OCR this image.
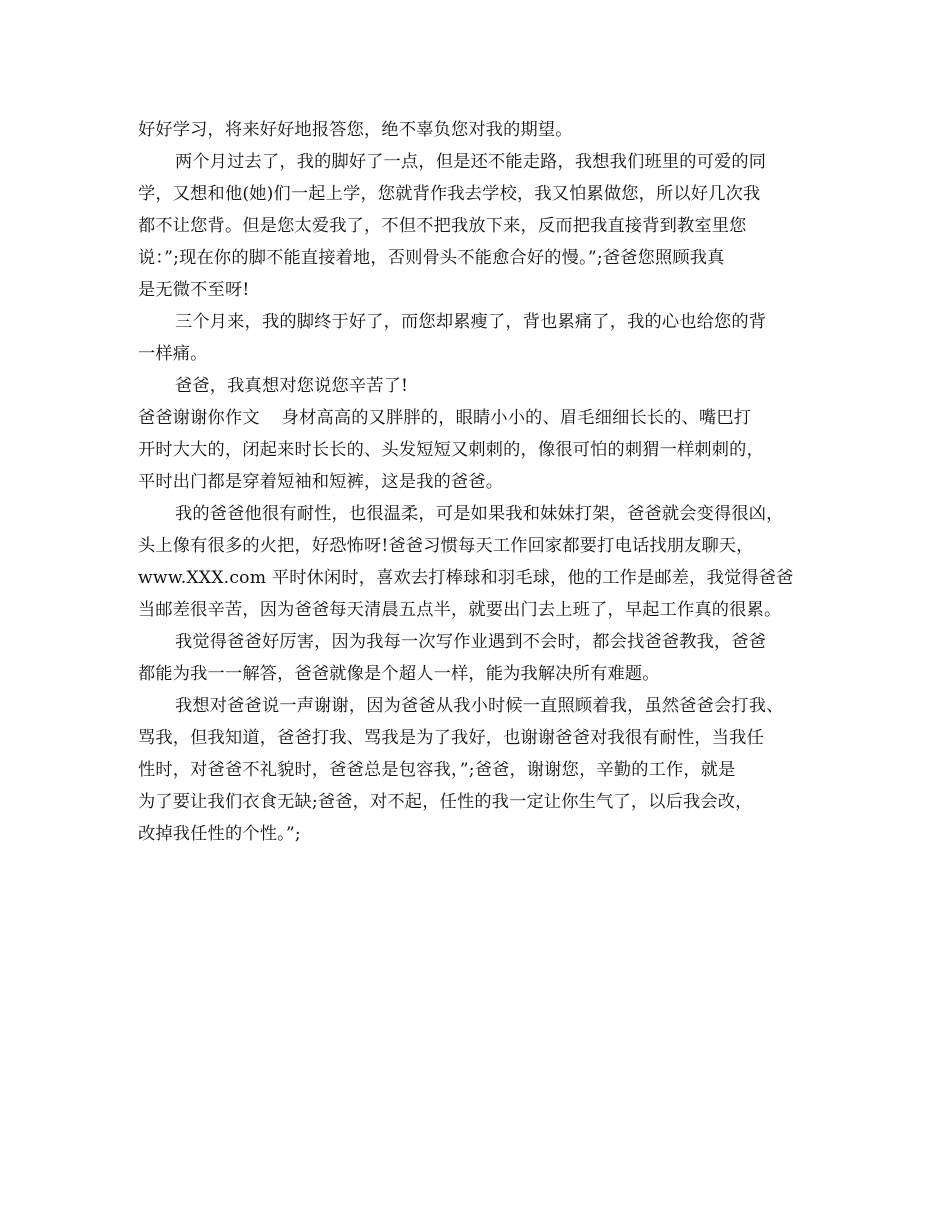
好好学习，将来好好地报答您，绝不辜负您对我的期望。
两个月过去了，我的脚好了一点，但是还不能走路，我想我们班里的可爱的同
学，又想和他(她)们一起上学，您就背作我去学校，我又怕累做您，所以好几次我
都不让您背。但是您太爱我了，不但不把我放下来，反而把我直接背到教室里您
说：”;现在你的脚不能直接着地，否则骨头不能愈合好的慢。”;爸爸您照顾我真
是无微不至呀!
三个月来，我的脚终于好了，而您却累瘦了，背也累痛了，我的心也给您的背
一样痛。
爸爸，我真想对您说您辛苦了!
爸爸谢谢你作文 身材高高的又胖胖的，眼睛小小的、眉毛细细长长的、嘴巴打
开时大大的，闭起来时长长的、头发短短又刺刺的，像很可怕的刺猬一样刺刺的，
平时出门都是穿着短袖和短裤，这是我的爸爸。
我的爸爸他很有耐性，也很温柔，可是如果我和妹妹打架，爸爸就会变得很凶，
头上像有很多的火把，好恐怖呀!爸爸习惯每天工作回家都要打电话找朋友聊天，
www.XXX.com 平时休闲时，喜欢去打棒球和羽毛球，他的工作是邮差，我觉得爸爸
当邮差很辛苦，因为爸爸每天清晨五点半，就要出门去上班了，早起工作真的很累。
我觉得爸爸好厉害，因为我每一次写作业遇到不会时，都会找爸爸教我，爸爸
都能为我一一解答，爸爸就像是个超人一样，能为我解决所有难题。
我想对爸爸说一声谢谢，因为爸爸从我小时候一直照顾着我，虽然爸爸会打我、
骂我，但我知道，爸爸打我、骂我是为了我好，也谢谢爸爸对我很有耐性，当我任
性时，对爸爸不礼貌时，爸爸总是包容我，”;爸爸，谢谢您，辛勤的工作，就是
为了要让我们衣食无缺;爸爸，对不起，任性的我一定让你生气了，以后我会改，
改掉我任性的个性。”;
